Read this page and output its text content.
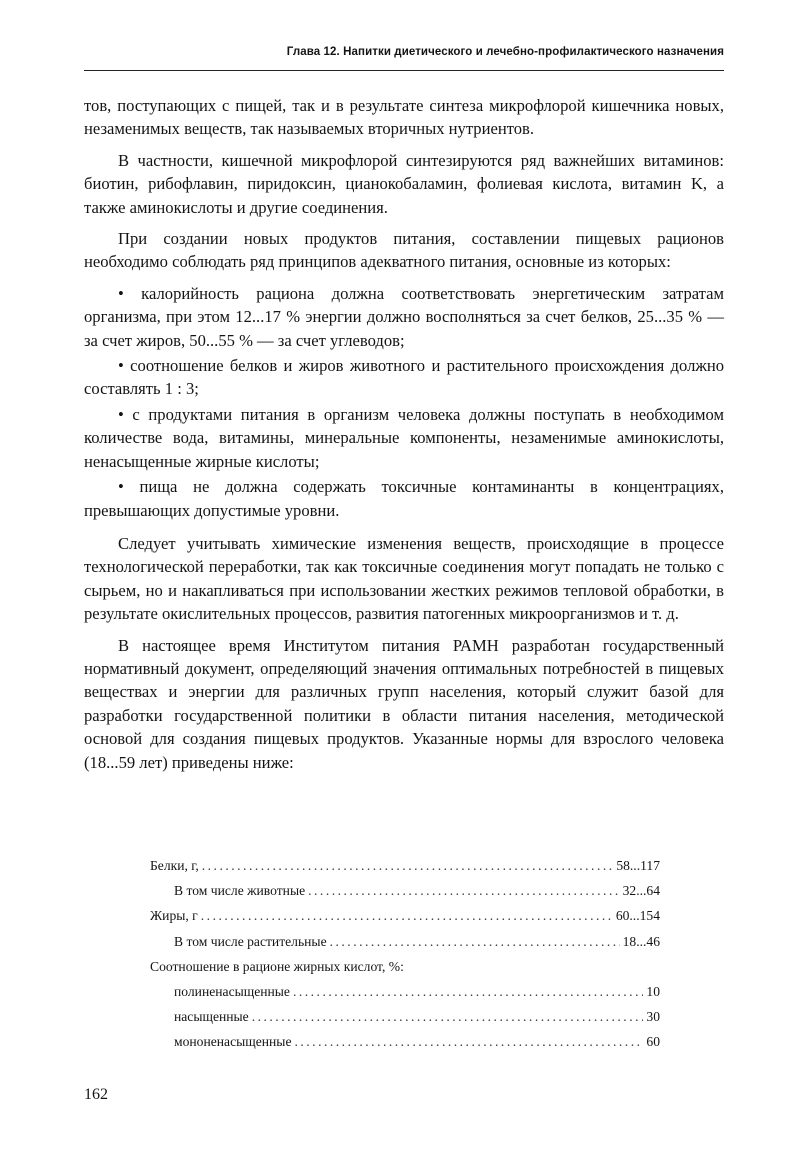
Глава 12. Напитки диетического и лечебно-профилактического назначения

тов, поступающих с пищей, так и в результате синтеза микрофлорой кишечника новых, незаменимых веществ, так называемых вторичных нутриентов.

В частности, кишечной микрофлорой синтезируются ряд важнейших витаминов: биотин, рибофлавин, пиридоксин, цианокобаламин, фолиевая кислота, витамин K, а также аминокислоты и другие соединения.

При создании новых продуктов питания, составлении пищевых рационов необходимо соблюдать ряд принципов адекватного питания, основные из которых:

• калорийность рациона должна соответствовать энергетическим затратам организма, при этом 12...17 % энергии должно восполняться за счет белков, 25...35 % — за счет жиров, 50...55 % — за счет углеводов;

• соотношение белков и жиров животного и растительного происхождения должно составлять 1 : 3;

• с продуктами питания в организм человека должны поступать в необходимом количестве вода, витамины, минеральные компоненты, незаменимые аминокислоты, ненасыщенные жирные кислоты;

• пища не должна содержать токсичные контаминанты в концентрациях, превышающих допустимые уровни.

Следует учитывать химические изменения веществ, происходящие в процессе технологической переработки, так как токсичные соединения могут попадать не только с сырьем, но и накапливаться при использовании жестких режимов тепловой обработки, в результате окислительных процессов, развития патогенных микроорганизмов и т. д.

В настоящее время Институтом питания РАМН разработан государственный нормативный документ, определяющий значения оптимальных потребностей в пищевых веществах и энергии для различных групп населения, который служит базой для разработки государственной политики в области питания населения, методической основой для создания пищевых продуктов. Указанные нормы для взрослого человека (18...59 лет) приведены ниже:

Белки, г, .....	58...117
В том числе животные .....	32...64
Жиры, г .....	60...154
В том числе растительные .....	18...46
Соотношение в рационе жирных кислот, %:
полиненасыщенные .....	10
насыщенные .....	30
мононенасыщенные .....	60
162
